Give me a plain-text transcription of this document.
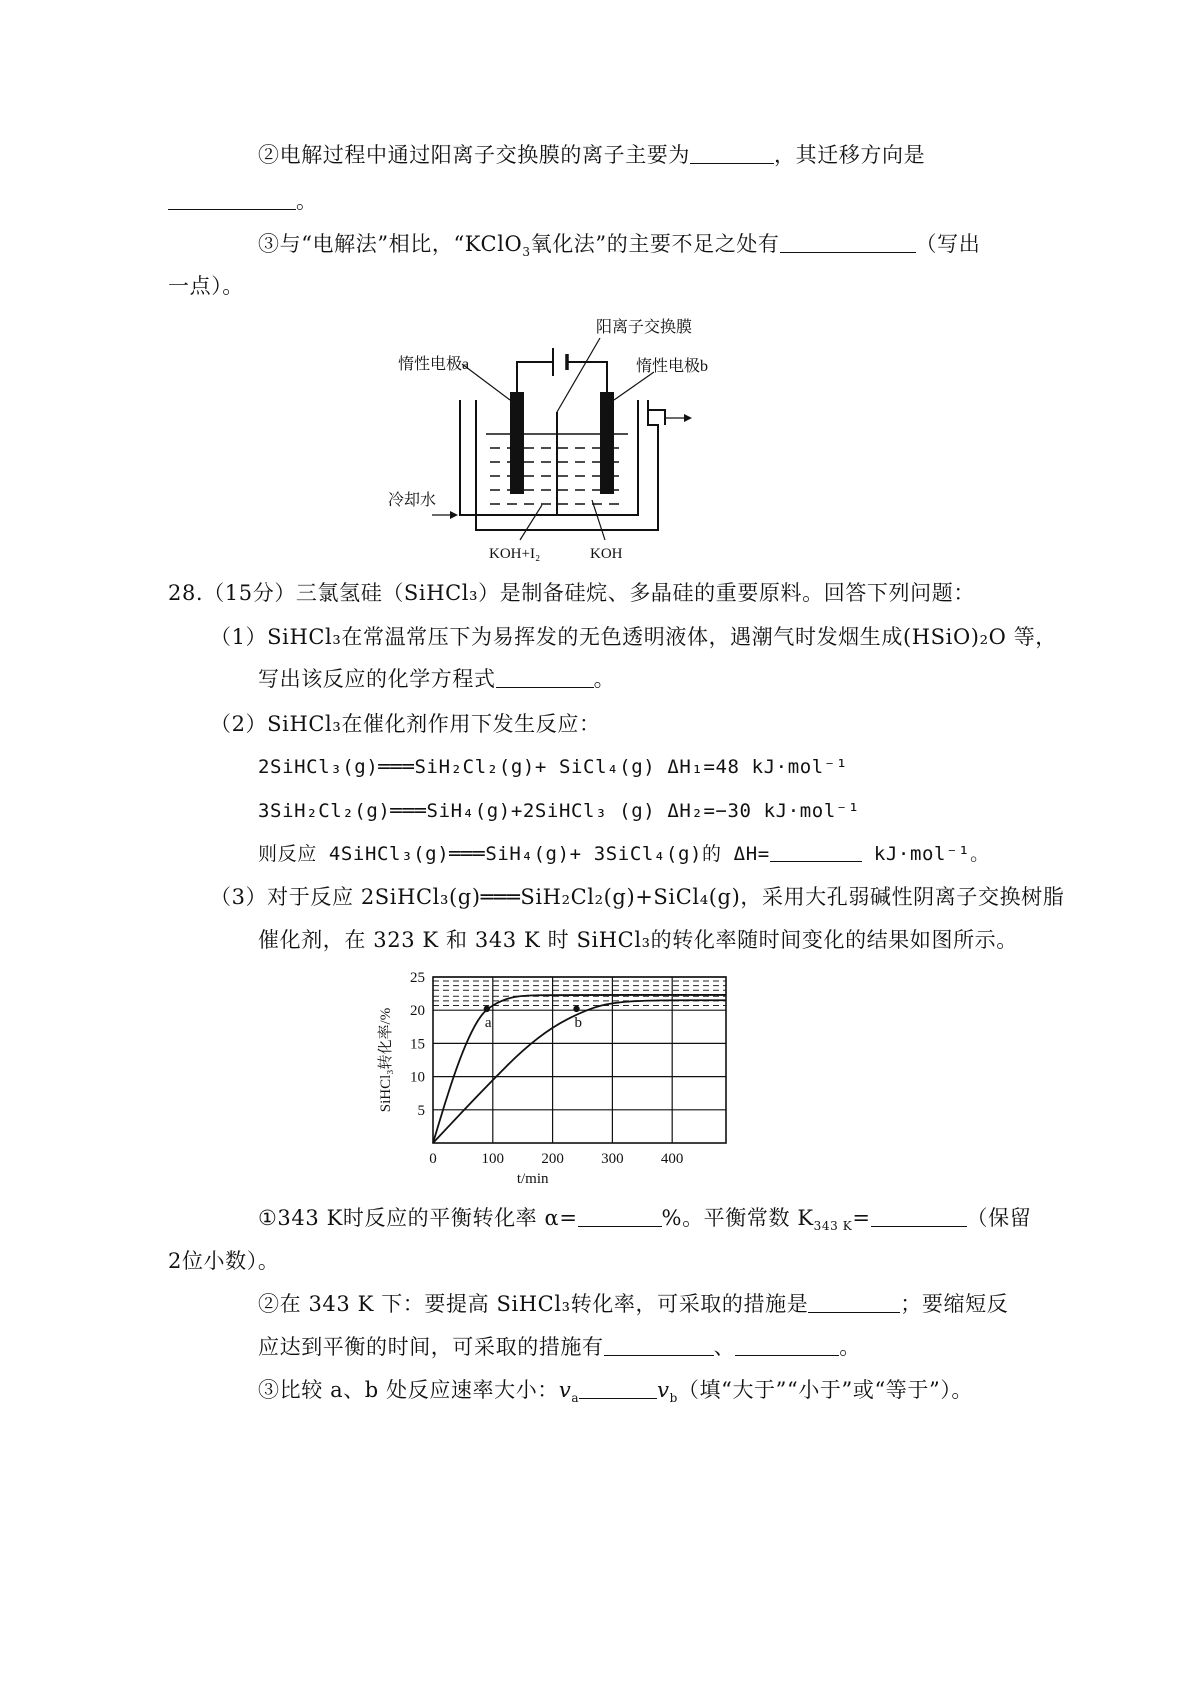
②电解过程中通过阳离子交换膜的离子主要为	，其迁移方向是
。
③与“电解法”相比，“KClO$_3$氧化法”的主要不足之处有	（写出
一点）。
阳离子交换膜
惰性电极a	惰性电极b
冷却水
KOH+I₂	KOH
28.（15分）三氯氢硅（SiHCl₃）是制备硅烷、多晶硅的重要原料。回答下列问题：
（1）SiHCl₃在常温常压下为易挥发的无色透明液体，遇潮气时发烟生成(HSiO)₂O 等，
写出该反应的化学方程式	。
（2）SiHCl₃在催化剂作用下发生反应：
2SiHCl₃(g)═══SiH₂Cl₂(g)+ SiCl₄(g) ΔH₁=48 kJ·mol⁻¹
3SiH₂Cl₂(g)═══SiH₄(g)+2SiHCl₃ (g) ΔH₂=−30 kJ·mol⁻¹
则反应 4SiHCl₃(g)═══SiH₄(g)+ 3SiCl₄(g)的 ΔH=	kJ·mol⁻¹。
（3）对于反应 2SiHCl₃(g)═══SiH₂Cl₂(g)+SiCl₄(g)，采用大孔弱碱性阴离子交换树脂
催化剂，在 323 K 和 343 K 时 SiHCl₃的转化率随时间变化的结果如图所示。
a	b
0	100 200 300 400
5
10
15
20
25
SiHCl₃转化率/%
t/min
①343 K时反应的平衡转化率 α=	%。平衡常数 $K_{343 K}=$	（保留
2位小数）。
②在 343 K 下：要提高 SiHCl₃转化率，可采取的措施是	；要缩短反
应达到平衡的时间，可采取的措施有	、	。
③比较 a、b 处反应速率大小：$v_a$	$v_b$（填“大于”“小于”或“等于”）。
